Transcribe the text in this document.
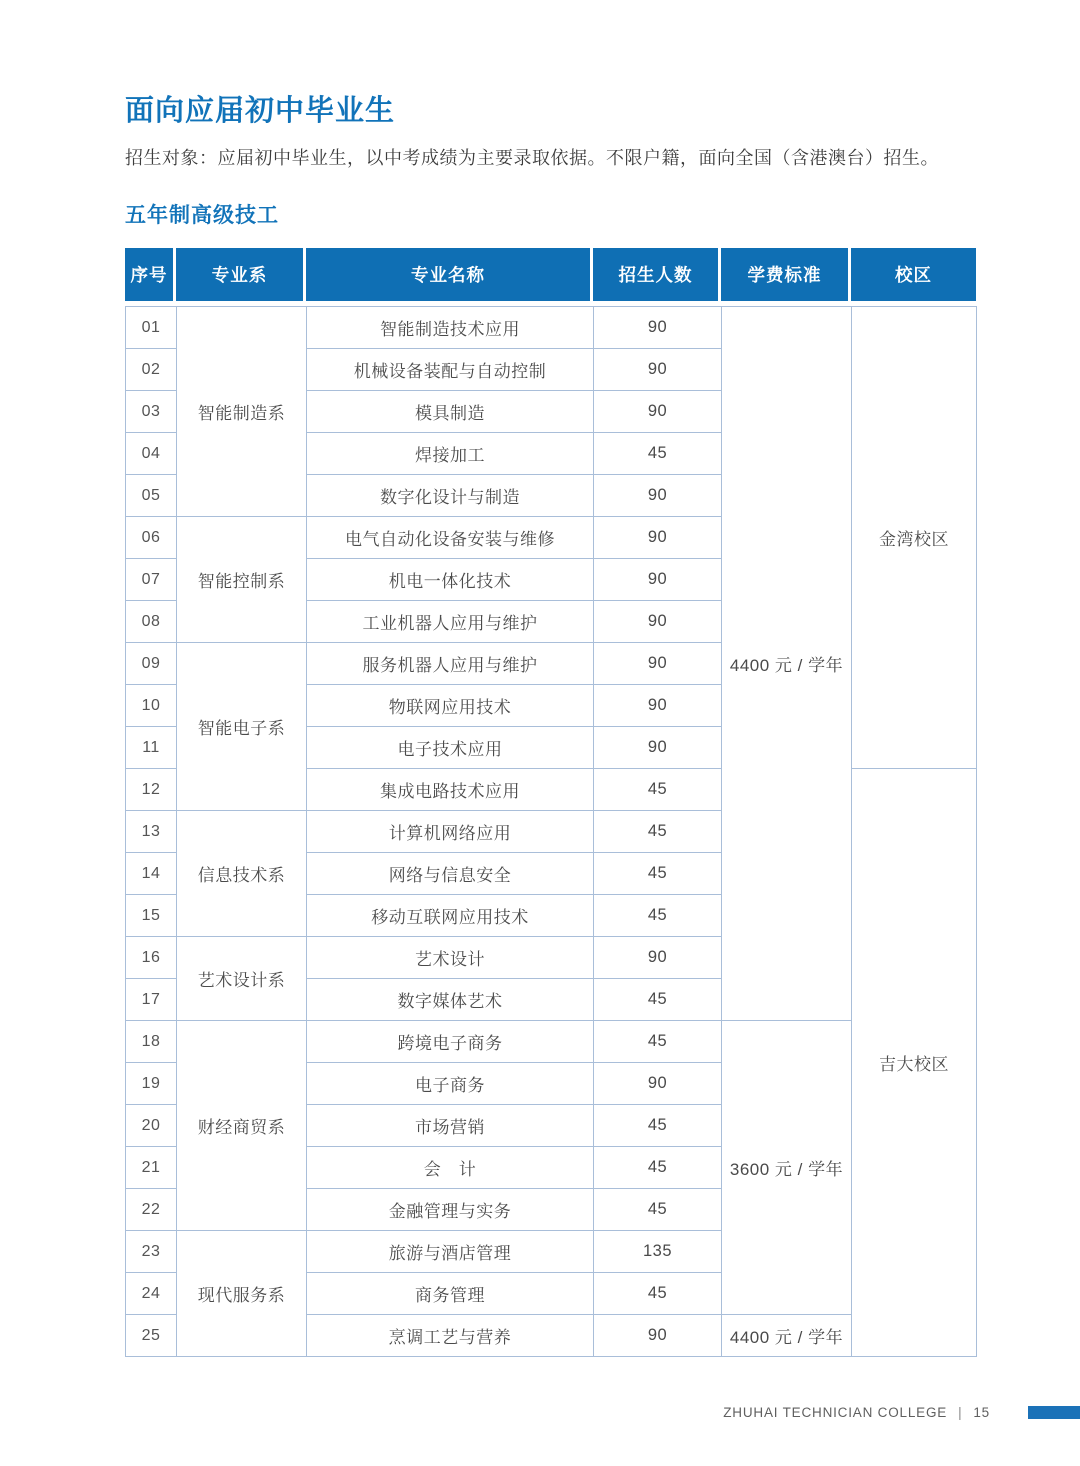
面向应届初中毕业生

招生对象：应届初中毕业生，以中考成绩为主要录取依据。不限户籍，面向全国（含港澳台）招生。

五年制高级技工
序号	专业系	专业名称	招生人数	学费标准	校区
01	智能制造系	智能制造技术应用	90	4400 元 / 学年	金湾校区
02		机械设备装配与自动控制	90		
03		模具制造	90		
04		焊接加工	45		
05		数字化设计与制造	90		
06	智能控制系	电气自动化设备安装与维修	90		
07		机电一体化技术	90		
08		工业机器人应用与维护	90		
09	智能电子系	服务机器人应用与维护	90		
10		物联网应用技术	90		
11		电子技术应用	90		
12		集成电路技术应用	45		吉大校区
13	信息技术系	计算机网络应用	45		
14		网络与信息安全	45		
15		移动互联网应用技术	45		
16	艺术设计系	艺术设计	90		
17		数字媒体艺术	45		
18	财经商贸系	跨境电子商务	45	3600 元 / 学年	
19		电子商务	90		
20		市场营销	45		
21		会　计	45		
22		金融管理与实务	45		
23	现代服务系	旅游与酒店管理	135		
24		商务管理	45		
25		烹调工艺与营养	90	4400 元 / 学年	
ZHUHAI TECHNICIAN COLLEGE | 15
